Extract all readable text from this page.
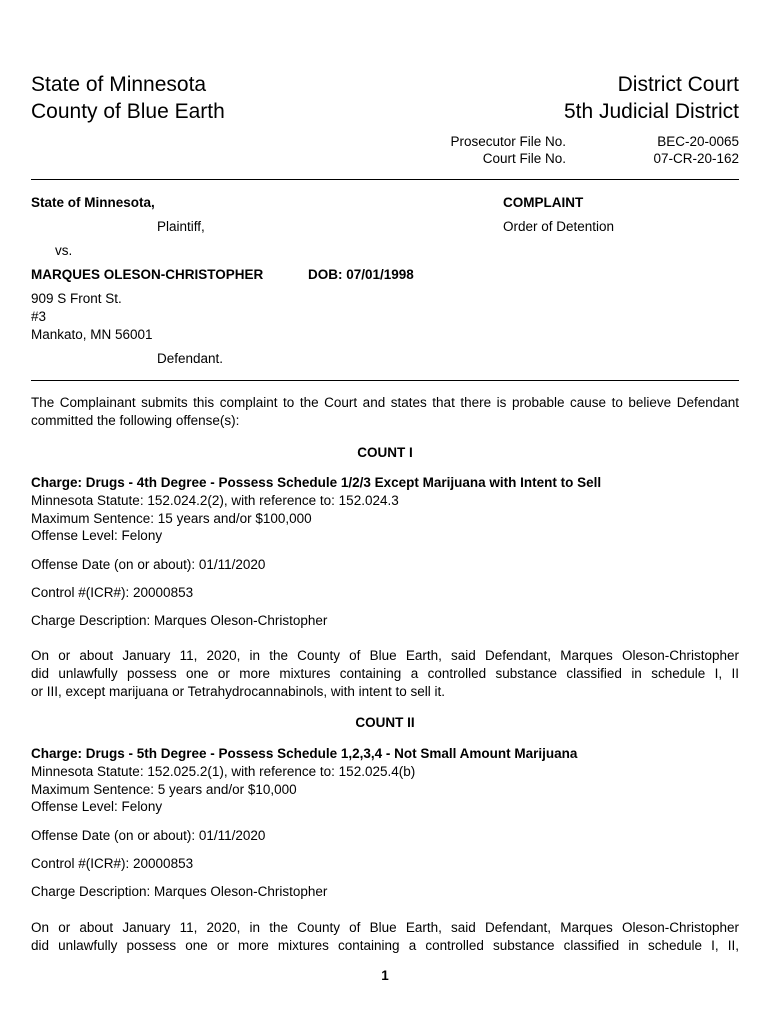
State of Minnesota
County of Blue Earth
District Court
5th Judicial District
Prosecutor File No.	BEC-20-0065
Court File No.	07-CR-20-162
State of Minnesota,
Plaintiff,
vs.
MARQUES OLESON-CHRISTOPHER	DOB: 07/01/1998
909 S Front St.
#3
Mankato, MN 56001
Defendant.
COMPLAINT
Order of Detention
The Complainant submits this complaint to the Court and states that there is probable cause to believe Defendant committed the following offense(s):
COUNT I
Charge: Drugs - 4th Degree - Possess Schedule 1/2/3 Except Marijuana with Intent to Sell
Minnesota Statute: 152.024.2(2), with reference to: 152.024.3
Maximum Sentence: 15 years and/or $100,000
Offense Level: Felony
Offense Date (on or about): 01/11/2020
Control #(ICR#): 20000853
Charge Description: Marques Oleson-Christopher
On or about January 11, 2020, in the County of Blue Earth, said Defendant, Marques Oleson-Christopher
did unlawfully possess one or more mixtures containing a controlled substance classified in schedule I, II
or III, except marijuana or Tetrahydrocannabinols, with intent to sell it.
COUNT II
Charge: Drugs - 5th Degree - Possess Schedule 1,2,3,4 - Not Small Amount Marijuana
Minnesota Statute: 152.025.2(1), with reference to: 152.025.4(b)
Maximum Sentence: 5 years and/or $10,000
Offense Level: Felony
Offense Date (on or about): 01/11/2020
Control #(ICR#): 20000853
Charge Description: Marques Oleson-Christopher
On or about January 11, 2020, in the County of Blue Earth, said Defendant, Marques Oleson-Christopher
did unlawfully possess one or more mixtures containing a controlled substance classified in schedule I, II,
1
